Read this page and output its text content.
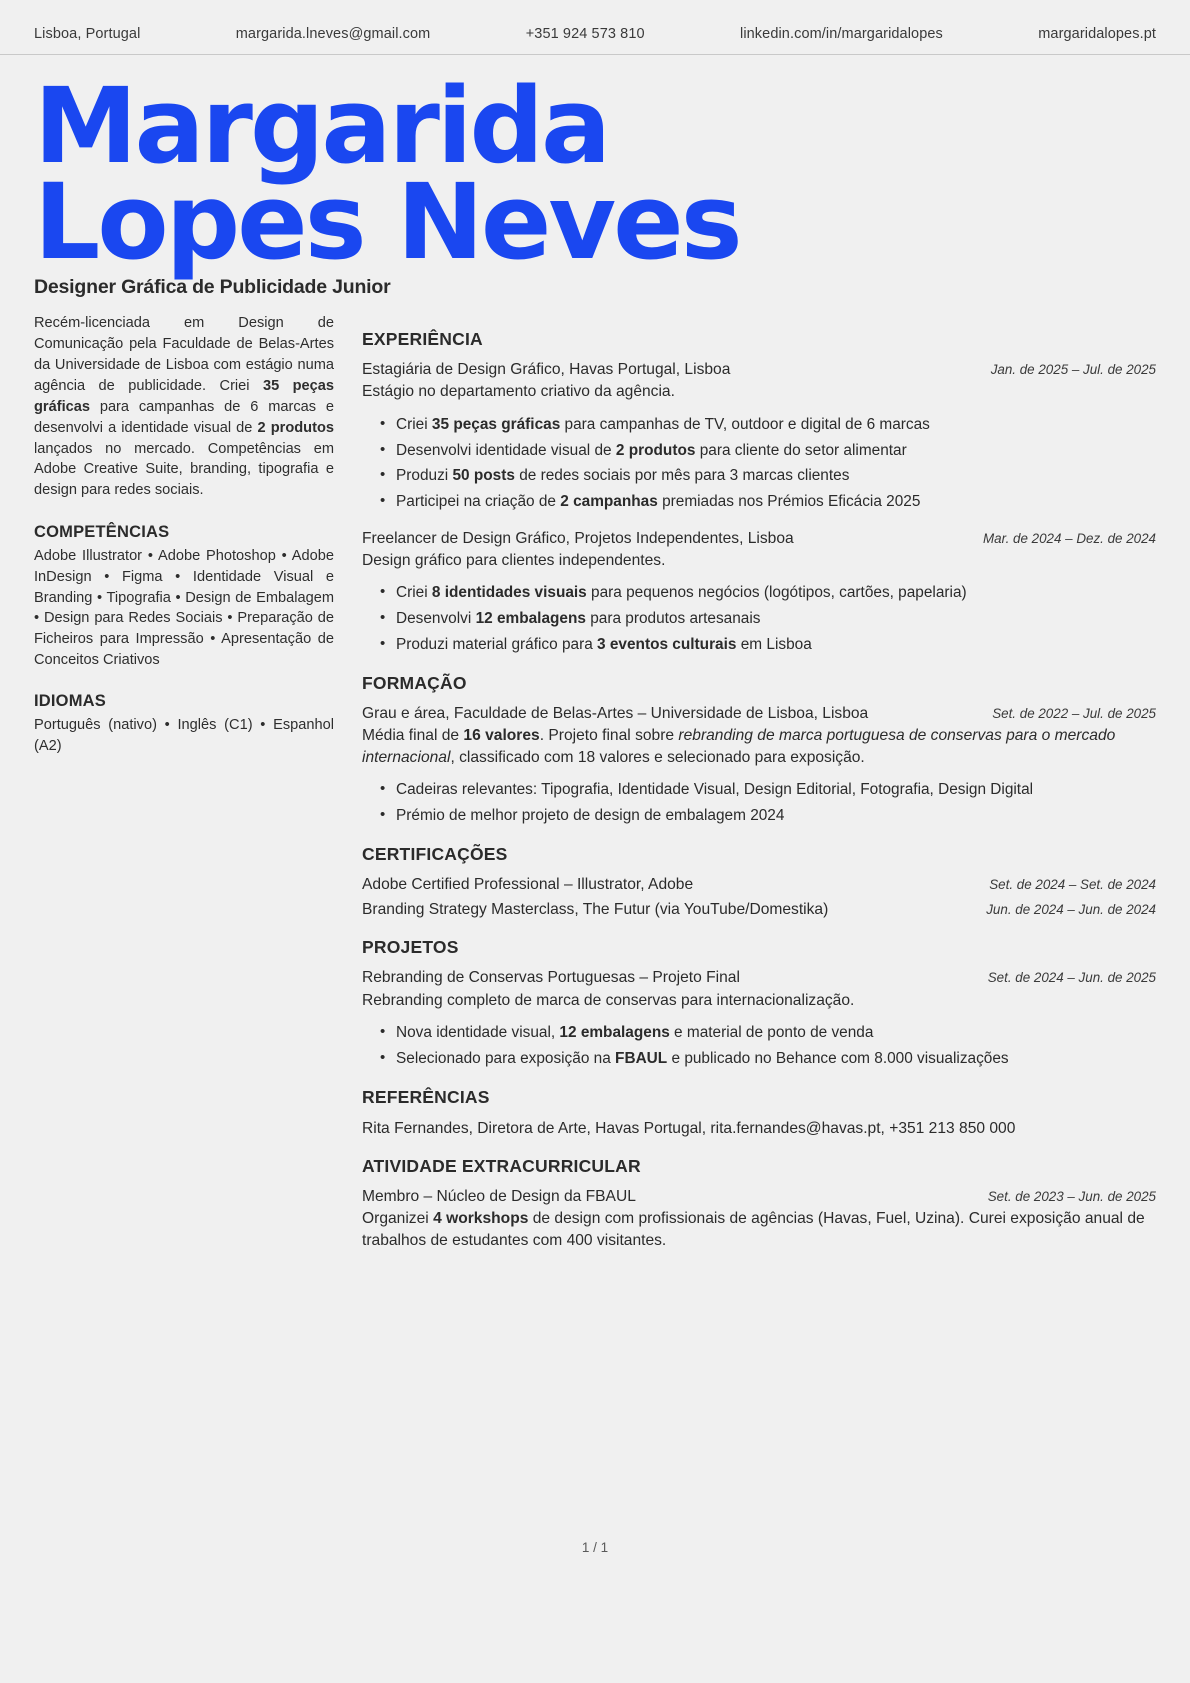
Lisboa, Portugal	margarida.lneves@gmail.com	+351 924 573 810	linkedin.com/in/margaridalopes	margaridalopes.pt
Margarida
Lopes Neves
Designer Gráfica de Publicidade Junior

Recém-licenciada em Design de Comunicação pela Faculdade de Belas-Artes da Universidade de Lisboa com estágio numa agência de publicidade. Criei 35 peças gráficas para campanhas de 6 marcas e desenvolvi a identidade visual de 2 produtos lançados no mercado. Competências em Adobe Creative Suite, branding, tipografia e design para redes sociais.

COMPETÊNCIAS

Adobe Illustrator • Adobe Photoshop • Adobe InDesign • Figma • Identidade Visual e Branding • Tipografia • Design de Embalagem • Design para Redes Sociais • Preparação de Ficheiros para Impressão • Apresentação de Conceitos Criativos

IDIOMAS

Português (nativo) • Inglês (C1) • Espanhol (A2)

EXPERIÊNCIA
Estagiária de Design Gráfico, Havas Portugal, Lisboa	Jan. de 2025 – Jul. de 2025
Estágio no departamento criativo da agência.
• Criei 35 peças gráficas para campanhas de TV, outdoor e digital de 6 marcas
• Desenvolvi identidade visual de 2 produtos para cliente do setor alimentar
• Produzi 50 posts de redes sociais por mês para 3 marcas clientes
• Participei na criação de 2 campanhas premiadas nos Prémios Eficácia 2025
Freelancer de Design Gráfico, Projetos Independentes, Lisboa	Mar. de 2024 – Dez. de 2024
Design gráfico para clientes independentes.
• Criei 8 identidades visuais para pequenos negócios (logótipos, cartões, papelaria)
• Desenvolvi 12 embalagens para produtos artesanais
• Produzi material gráfico para 3 eventos culturais em Lisboa
FORMAÇÃO
Grau e área, Faculdade de Belas-Artes – Universidade de Lisboa, Lisboa	Set. de 2022 – Jul. de 2025
Média final de 16 valores. Projeto final sobre rebranding de marca portuguesa de conservas para o mercado internacional, classificado com 18 valores e selecionado para exposição.
• Cadeiras relevantes: Tipografia, Identidade Visual, Design Editorial, Fotografia, Design Digital
• Prémio de melhor projeto de design de embalagem 2024
CERTIFICAÇÕES
Adobe Certified Professional – Illustrator, Adobe	Set. de 2024 – Set. de 2024
Branding Strategy Masterclass, The Futur (via YouTube/Domestika)	Jun. de 2024 – Jun. de 2024
PROJETOS
Rebranding de Conservas Portuguesas – Projeto Final	Set. de 2024 – Jun. de 2025
Rebranding completo de marca de conservas para internacionalização.
• Nova identidade visual, 12 embalagens e material de ponto de venda
• Selecionado para exposição na FBAUL e publicado no Behance com 8.000 visualizações
REFERÊNCIAS
Rita Fernandes, Diretora de Arte, Havas Portugal, rita.fernandes@havas.pt, +351 213 850 000
ATIVIDADE EXTRACURRICULAR
Membro – Núcleo de Design da FBAUL	Set. de 2023 – Jun. de 2025
Organizei 4 workshops de design com profissionais de agências (Havas, Fuel, Uzina). Curei exposição anual de trabalhos de estudantes com 400 visitantes.
1 / 1
